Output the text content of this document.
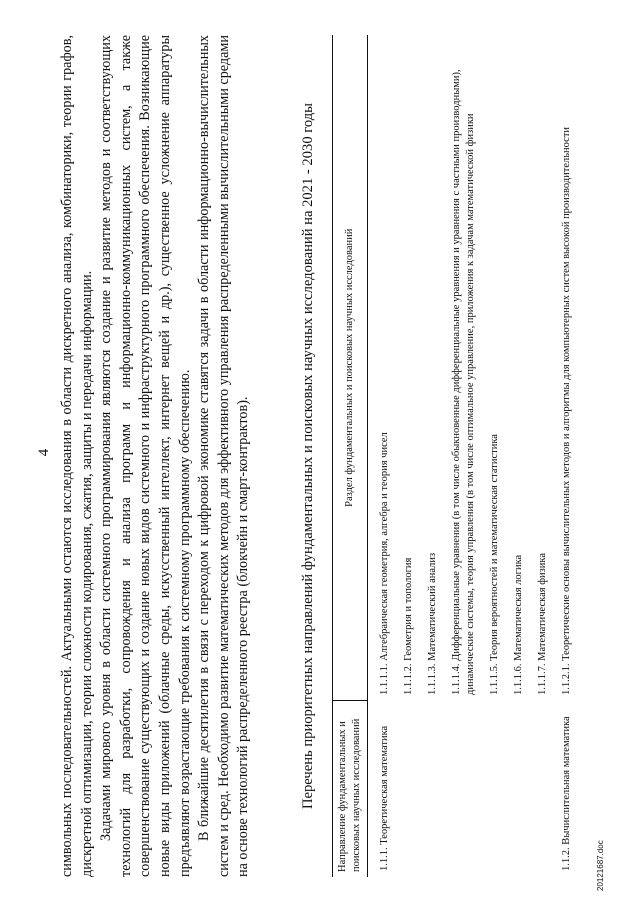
4 символьных последовательностей. Актуальными остаются исследования в области дискретного анализа, комбинаторики, теории графов, дискретной оптимизации, теории сложности кодирования, сжатия, защиты и передачи информации. Задачами мирового уровня в области системного программирования являются создание и развитие методов и соответствующих технологий для разработки, сопровождения и анализа программ и информационно-коммуникационных систем, а также совершенствование существующих и создание новых видов системного и инфраструктурного программного обеспечения. Возникающие новые виды приложений (облачные среды, искусственный интеллект, интернет вещей и др.), существенное усложнение аппаратуры предъявляют возрастающие требования к системному программному обеспечению. В ближайшие десятилетия в связи с переходом к цифровой экономике ставятся задачи в области информационно-вычислительных систем и сред. Необходимо развитие математических методов для эффективного управления распределенными вычислительными средами на основе технологий распределенного реестра (блокчейн и смарт-контрактов).	Перечень приоритетных направлений фундаментальных и поисковых научных исследований на 2021 - 2030 годы Направление фундаментальных и поисковых научных исследований	Раздел фундаментальных и поисковых научных исследований
1.1.1. Теоретическая математика	1.1.1.1. Алгебраическая геометрия, алгебра и теория чисел
	1.1.1.2. Геометрия и топология
	1.1.1.3. Математический анализ
	1.1.1.4. Дифференциальные уравнения (в том числе обыкновенные дифференциальные уравнения и уравнения с частными производными), динамические системы, теория управления (в том числе оптимальное управление, приложения к задачам математической физики
	1.1.1.5. Теория вероятностей и математическая статистика
	1.1.1.6. Математическая логика
	1.1.1.7. Математическая физика
1.1.2. Вычислительная математика	1.1.2.1. Теоретические основы вычислительных методов и алгоритмы для компьютерных систем высокой производительности
20121687.doc
